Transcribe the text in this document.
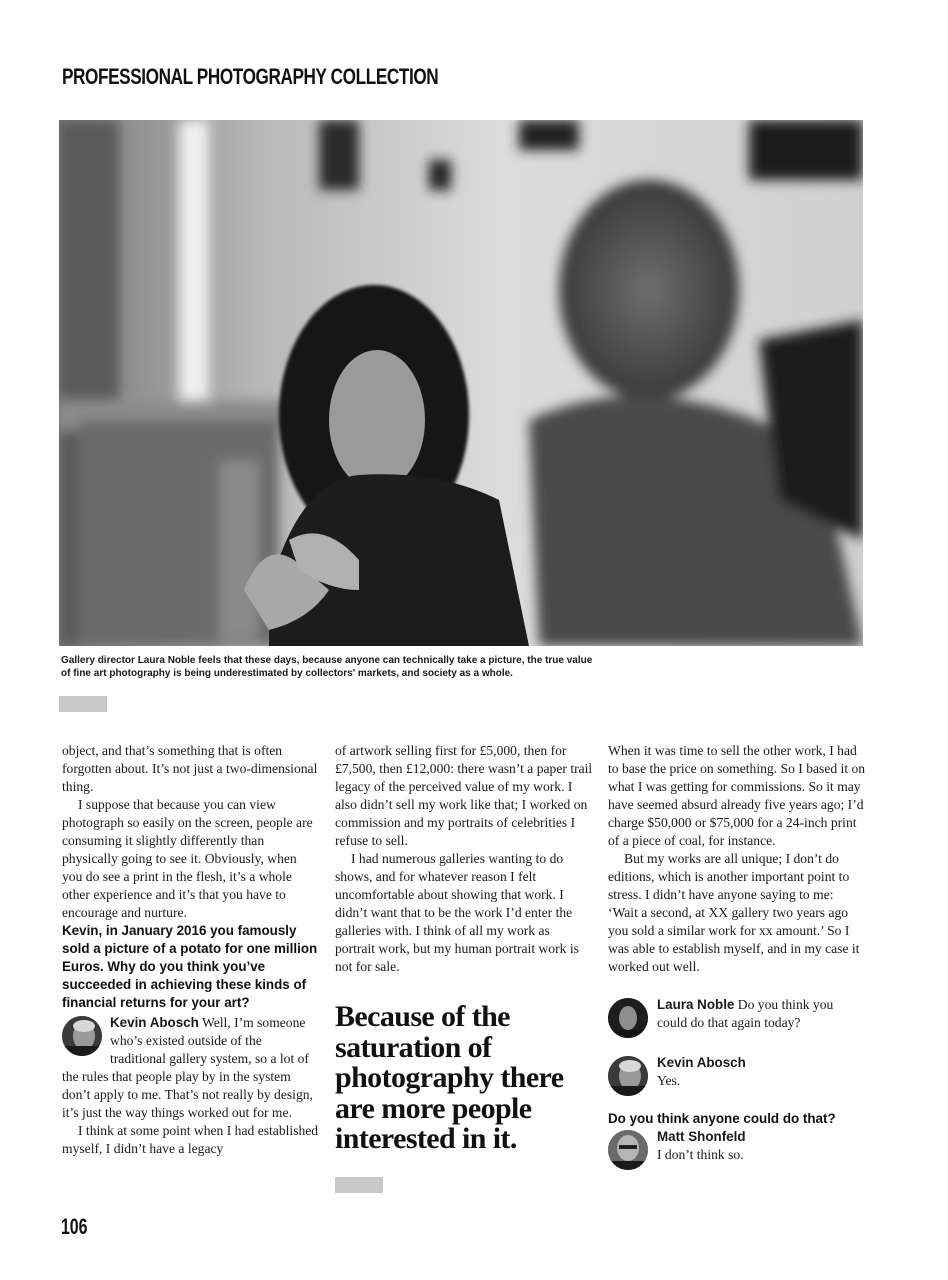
PROFESSIONAL PHOTOGRAPHY COLLECTION
Gallery director Laura Noble feels that these days, because anyone can technically take a picture, the true value of fine art photography is being underestimated by collectors' markets, and society as a whole.

object, and that’s something that is often forgotten about. It’s not just a two-dimensional thing.

I suppose that because you can view photograph so easily on the screen, people are consuming it slightly differently than physically going to see it. Obviously, when you do see a print in the flesh, it’s a whole other experience and it’s that you have to encourage and nurture.

Kevin, in January 2016 you famously sold a picture of a potato for one million Euros. Why do you think you’ve succeeded in achieving these kinds of financial returns for your art?

Kevin Abosch Well, I’m someone who’s existed outside of the traditional gallery system, so a lot of the rules that people play by in the system don’t apply to me. That’s not really by design, it’s just the way things worked out for me.

I think at some point when I had established myself, I didn’t have a legacy

of artwork selling first for £5,000, then for £7,500, then £12,000: there wasn’t a paper trail legacy of the perceived value of my work. I also didn’t sell my work like that; I worked on commission and my portraits of celebrities I refuse to sell.

I had numerous galleries wanting to do shows, and for whatever reason I felt uncomfortable about showing that work. I didn’t want that to be the work I’d enter the galleries with. I think of all my work as portrait work, but my human portrait work is not for sale.

Because of the saturation of photography there are more people interested in it.

When it was time to sell the other work, I had to base the price on something. So I based it on what I was getting for commissions. So it may have seemed absurd already five years ago; I’d charge $50,000 or $75,000 for a 24-inch print of a piece of coal, for instance.

But my works are all unique; I don’t do editions, which is another important point to stress. I didn’t have anyone saying to me: ‘Wait a second, at XX gallery two years ago you sold a similar work for xx amount.’ So I was able to establish myself, and in my case it worked out well.

Laura Noble Do you think you could do that again today?
Kevin Abosch
Yes.

Do you think anyone could do that?

Matt Shonfeld
I don’t think so.
106
